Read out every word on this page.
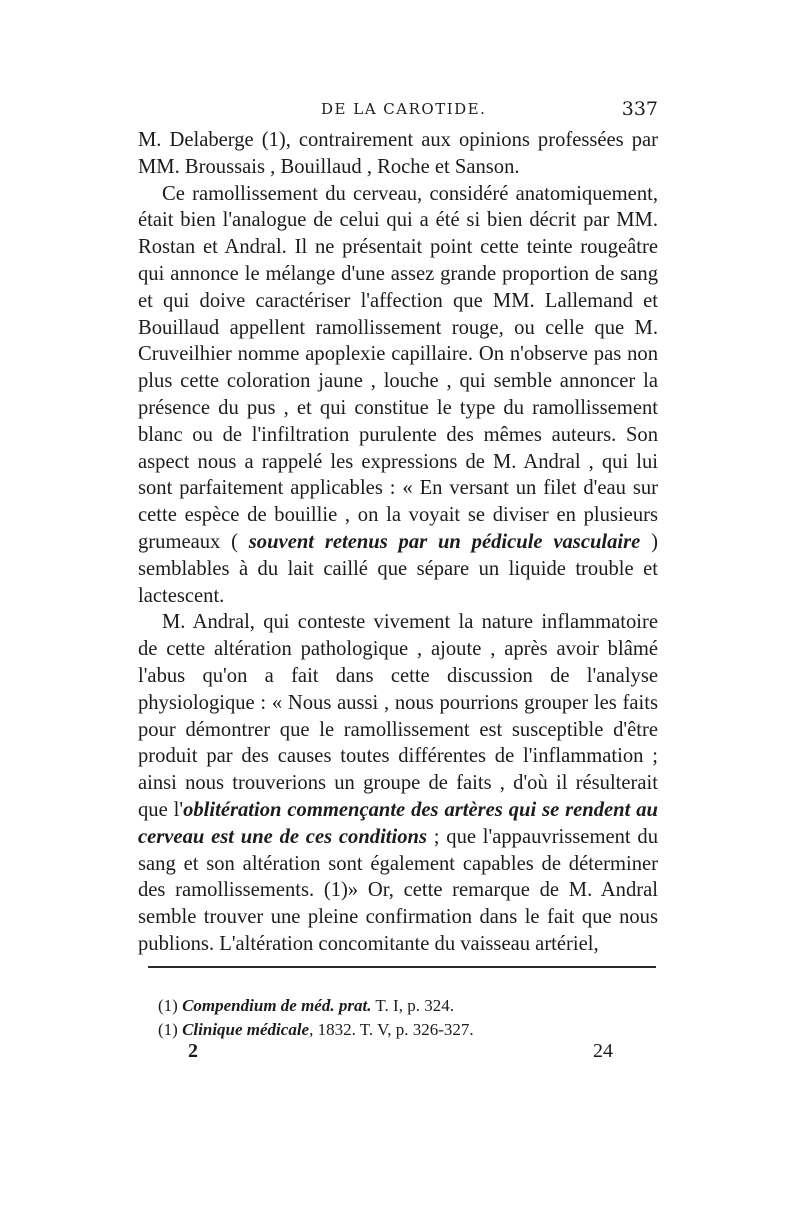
DE LA CAROTIDE.	337

M. Delaberge (1), contrairement aux opinions professées par MM. Broussais , Bouillaud , Roche et Sanson.

Ce ramollissement du cerveau, considéré anatomiquement, était bien l'analogue de celui qui a été si bien décrit par MM. Rostan et Andral. Il ne présentait point cette teinte rougeâtre qui annonce le mélange d'une assez grande proportion de sang et qui doive caractériser l'affection que MM. Lallemand et Bouillaud appellent ramollissement rouge, ou celle que M. Cruveilhier nomme apoplexie capillaire. On n'observe pas non plus cette coloration jaune , louche , qui semble annoncer la présence du pus , et qui constitue le type du ramollissement blanc ou de l'infiltration purulente des mêmes auteurs. Son aspect nous a rappelé les expressions de M. Andral , qui lui sont parfaitement applicables : « En versant un filet d'eau sur cette espèce de bouillie , on la voyait se diviser en plusieurs grumeaux ( souvent retenus par un pédicule vasculaire ) semblables à du lait caillé que sépare un liquide trouble et lactescent.

M. Andral, qui conteste vivement la nature inflammatoire de cette altération pathologique , ajoute , après avoir blâmé l'abus qu'on a fait dans cette discussion de l'analyse physiologique : « Nous aussi , nous pourrions grouper les faits pour démontrer que le ramollissement est susceptible d'être produit par des causes toutes différentes de l'inflammation ; ainsi nous trouverions un groupe de faits , d'où il résulterait que l'oblitération commençante des artères qui se rendent au cerveau est une de ces conditions ; que l'appauvrissement du sang et son altération sont également capables de déterminer des ramollissements. (1)» Or, cette remarque de M. Andral semble trouver une pleine confirmation dans le fait que nous publions. L'altération concomitante du vaisseau artériel,

(1) Compendium de méd. prat. T. I, p. 324.
(1) Clinique médicale, 1832. T. V, p. 326-327.
2	24
